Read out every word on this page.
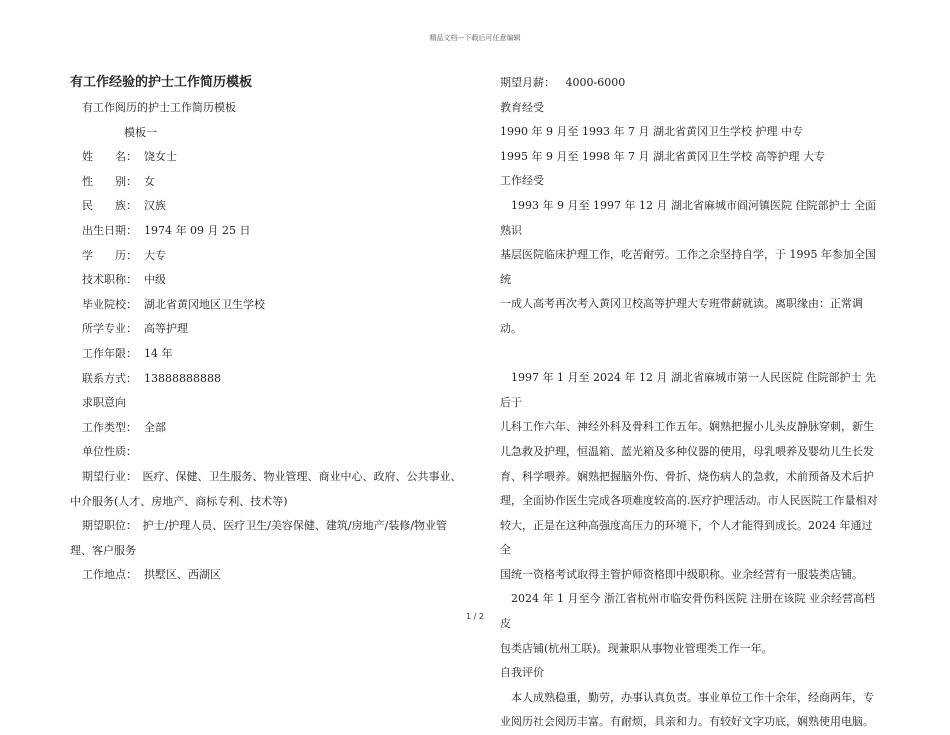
精品文档---下载后可任意编辑
有工作经验的护士工作简历模板
有工作阅历的护士工作简历模板
模板一
姓　　名： 饶女士
性　　别： 女
民　　族： 汉族
出生日期： 1974 年 09 月 25 日
学　　历： 大专
技术职称： 中级
毕业院校： 湖北省黄冈地区卫生学校
所学专业： 高等护理
工作年限： 14 年
联系方式： 13888888888
求职意向
工作类型： 全部
单位性质：
期望行业：　医疗、保健、卫生服务、物业管理、商业中心、政府、公共事业、
中介服务(人才、房地产、商标专利、技术等)
期望职位：　护士/护理人员、医疗卫生/美容保健、建筑/房地产/装修/物业管
理、客户服务
工作地点： 拱墅区、西湖区
期望月薪： 4000-6000
教育经受
1990 年 9 月至 1993 年 7 月 湖北省黄冈卫生学校 护理 中专
1995 年 9 月至 1998 年 7 月 湖北省黄冈卫生学校 高等护理 大专
工作经受
　1993 年 9 月至 1997 年 12 月 湖北省麻城市阎河镇医院 住院部护士 全面熟识
基层医院临床护理工作，吃苦耐劳。工作之余坚持自学，于 1995 年参加全国统
一成人高考再次考入黄冈卫校高等护理大专班带薪就读。离职缘由：正常调动。
　1997 年 1 月至 2024 年 12 月 湖北省麻城市第一人民医院 住院部护士 先后于
儿科工作六年、神经外科及骨科工作五年。娴熟把握小儿头皮静脉穿刺，新生
儿急救及护理，恒温箱、蓝光箱及多种仪器的使用，母乳喂养及婴幼儿生长发
育、科学喂养。娴熟把握脑外伤、骨折、烧伤病人的急救，术前预备及术后护
理，全面协作医生完成各项难度较高的.医疗护理活动。市人民医院工作量相对
较大，正是在这种高强度高压力的环境下，个人才能得到成长。2024 年通过全
国统一资格考试取得主管护师资格即中级职称。业余经营有一服装类店铺。
　2024 年 1 月至今 浙江省杭州市临安骨伤科医院 注册在该院 业余经营高档皮
包类店铺(杭州工联)。现兼职从事物业管理类工作一年。
自我评价
　本人成熟稳重，勤劳，办事认真负责。事业单位工作十余年，经商两年，专
业阅历社会阅历丰富。有耐烦，具亲和力。有较好文字功底，娴熟使用电脑。
1 / 2
